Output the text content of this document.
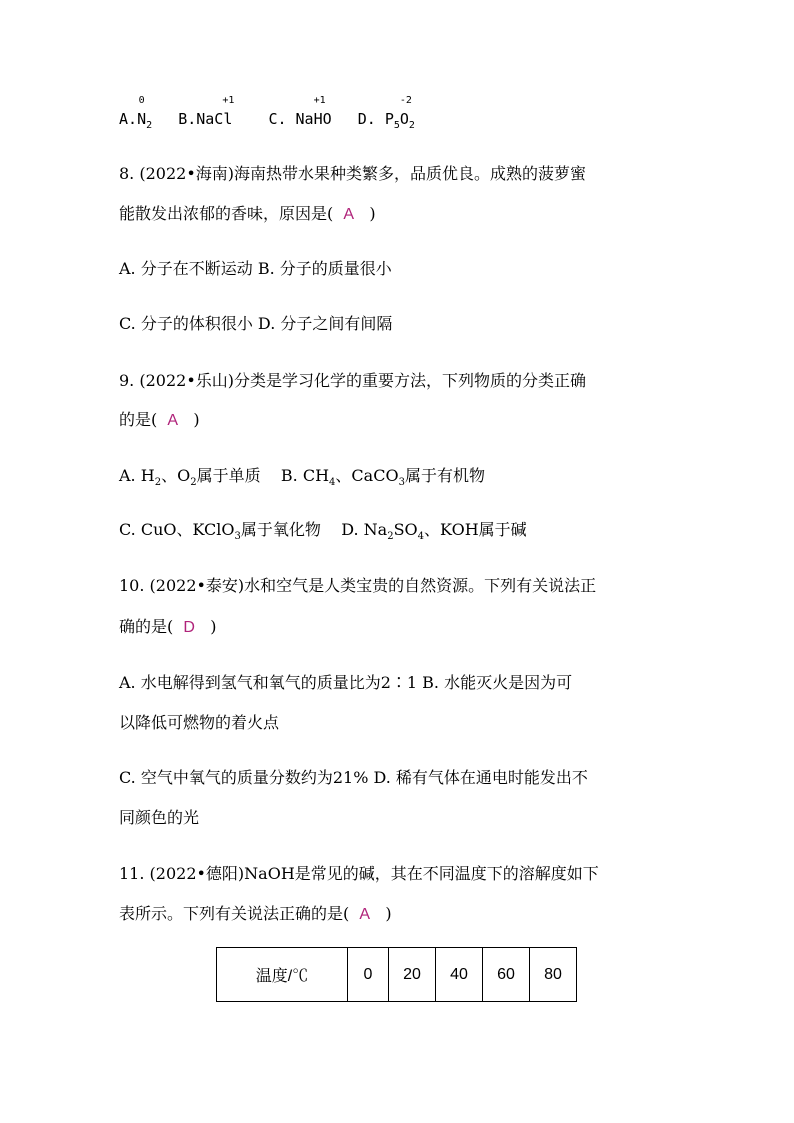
A.
0
$N_2$ B.
+1
NaCl C. Na
+1
HO D. $P_5$
-2
$O_2$
8. (2022•海南)海南热带水果种类繁多，品质优良。成熟的菠萝蜜
能散发出浓郁的香味，原因是( A )
A. 分子在不断运动 B. 分子的质量很小
C. 分子的体积很小 D. 分子之间有间隔
9. (2022•乐山)分类是学习化学的重要方法，下列物质的分类正确
的是( A )
A. $H_2$、$O_2$属于单质 B. $CH_4$、CaCO$_3$属于有机物
C. CuO、KClO$_3$属于氧化物 D. $Na_2SO_4$、KOH属于碱
10. (2022•泰安)水和空气是人类宝贵的自然资源。下列有关说法正
确的是( D )
A. 水电解得到氢气和氧气的质量比为2∶1 B. 水能灭火是因为可
以降低可燃物的着火点
C. 空气中氧气的质量分数约为21% D. 稀有气体在通电时能发出不
同颜色的光
11. (2022•德阳)NaOH是常见的碱，其在不同温度下的溶解度如下
表所示。下列有关说法正确的是( A )
温度/℃	0	20	40	60	80
